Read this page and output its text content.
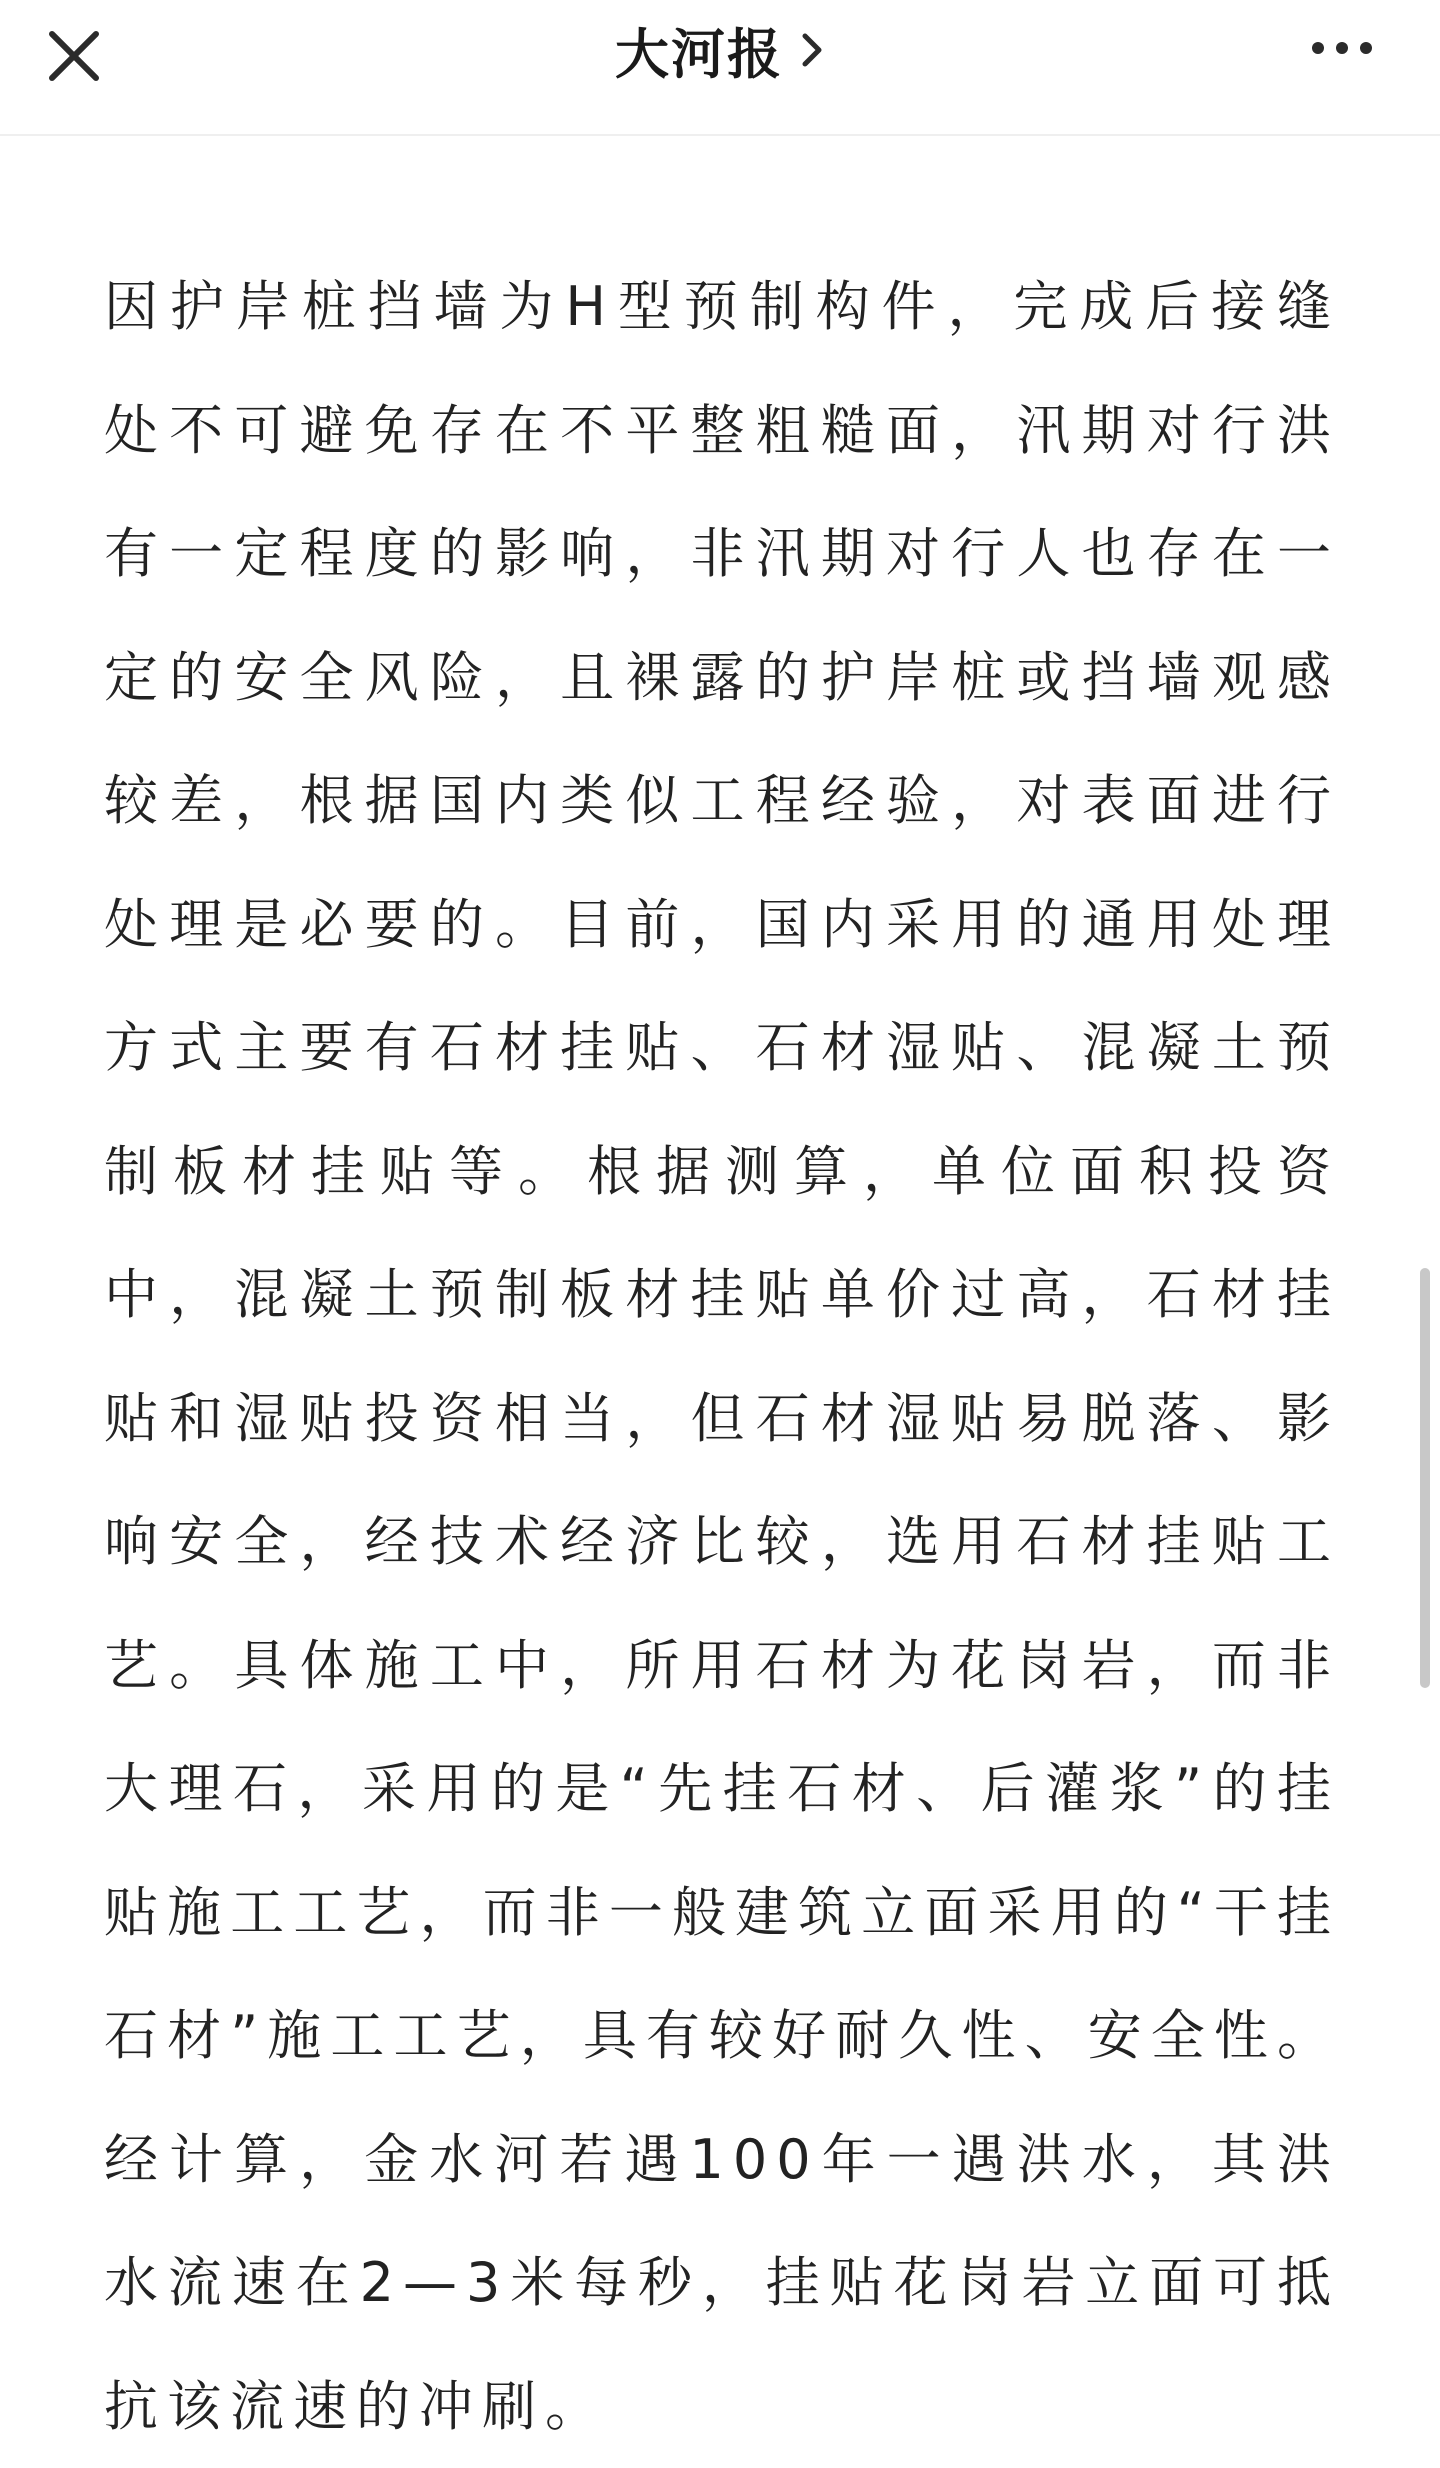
大河报

因护岸桩挡墙为H型预制构件，完成后接缝处不可避免存在不平整粗糙面，汛期对行洪有一定程度的影响，非汛期对行人也存在一定的安全风险，且裸露的护岸桩或挡墙观感较差，根据国内类似工程经验，对表面进行处理是必要的。目前，国内采用的通用处理方式主要有石材挂贴、石材湿贴、混凝土预制板材挂贴等。根据测算，单位面积投资中，混凝土预制板材挂贴单价过高，石材挂贴和湿贴投资相当，但石材湿贴易脱落、影响安全，经技术经济比较，选用石材挂贴工艺。具体施工中，所用石材为花岗岩，而非大理石，采用的是“先挂石材、后灌浆”的挂贴施工工艺，而非一般建筑立面采用的“干挂石材”施工工艺，具有较好耐久性、安全性。经计算，金水河若遇100年一遇洪水，其洪水流速在2—3米每秒，挂贴花岗岩立面可抵抗该流速的冲刷。
